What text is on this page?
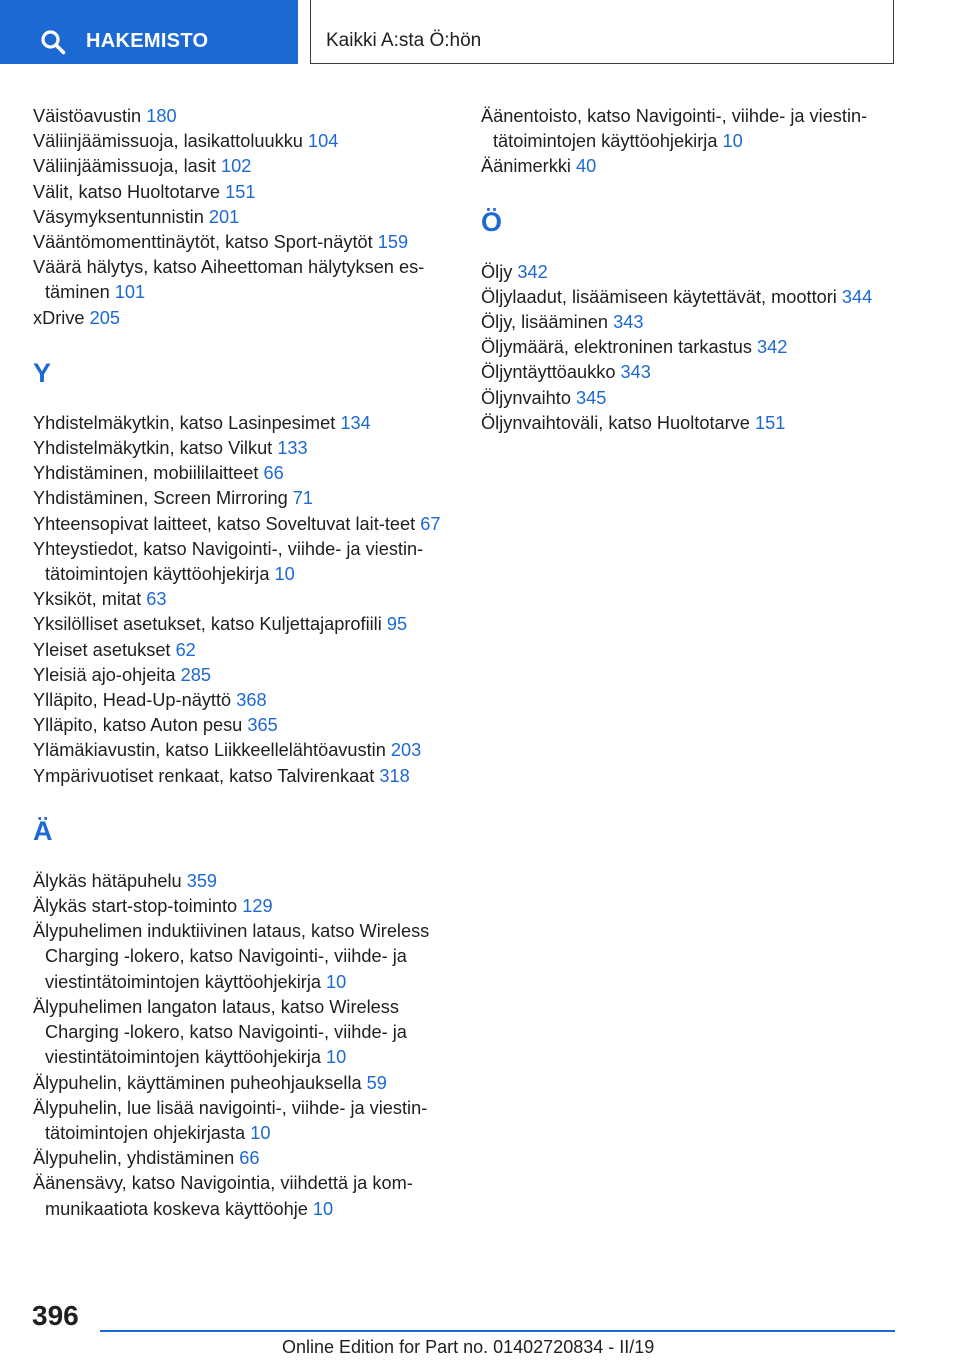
HAKEMISTO	Kaikki A:sta Ö:hön
Väistöavustin 180
Väliinjäämissuoja, lasikattoluukku 104
Väliinjäämissuoja, lasit 102
Välit, katso Huoltotarve 151
Väsymyksentunnistin 201
Vääntömomenttinäytöt, katso Sport-näytöt 159
Väärä hälytys, katso Aiheettoman hälytyksen es-täminen 101
xDrive 205
Y
Yhdistelmäkytkin, katso Lasinpesimet 134
Yhdistelmäkytkin, katso Vilkut 133
Yhdistäminen, mobiililaitteet 66
Yhdistäminen, Screen Mirroring 71
Yhteensopivat laitteet, katso Soveltuvat lait-teet 67
Yhteystiedot, katso Navigointi-, viihde- ja viestin-tätoimintojen käyttöohjekirja 10
Yksiköt, mitat 63
Yksilölliset asetukset, katso Kuljettajaprofiili 95
Yleiset asetukset 62
Yleisiä ajo-ohjeita 285
Ylläpito, Head-Up-näyttö 368
Ylläpito, katso Auton pesu 365
Ylämäkiavustin, katso Liikkeellelähtöavustin 203
Ympärivuotiset renkaat, katso Talvirenkaat 318
Ä
Älykäs hätäpuhelu 359
Älykäs start-stop-toiminto 129
Älypuhelimen induktiivinen lataus, katso Wireless Charging -lokero, katso Navigointi-, viihde- ja viestintätoimintojen käyttöohjekirja 10
Älypuhelimen langaton lataus, katso Wireless Charging -lokero, katso Navigointi-, viihde- ja viestintätoimintojen käyttöohjekirja 10
Älypuhelin, käyttäminen puheohjauksella 59
Älypuhelin, lue lisää navigointi-, viihde- ja viestin-tätoimintojen ohjekirjasta 10
Älypuhelin, yhdistäminen 66
Äänensävy, katso Navigointia, viihdettä ja kom-munikaatiota koskeva käyttöohje 10
Äänentoisto, katso Navigointi-, viihde- ja viestin-tätoimintojen käyttöohjekirja 10
Äänimerkki 40
Ö
Öljy 342
Öljylaadut, lisäämiseen käytettävät, moottori 344
Öljy, lisääminen 343
Öljymäärä, elektroninen tarkastus 342
Öljyntäyttöaukko 343
Öljynvaihto 345
Öljynvaihtoväli, katso Huoltotarve 151
396
Online Edition for Part no. 01402720834 - II/19
